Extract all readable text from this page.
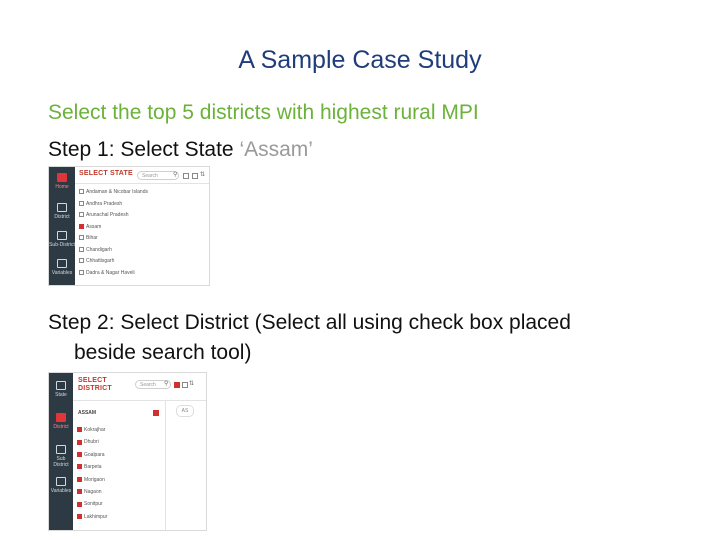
A Sample Case Study
Select the top 5 districts with highest rural MPI
Step 1: Select State ‘Assam’
Home
District
Sub-District
Variables
SELECT STATE	Search	⚲	⇅
Andaman & Nicobar Islands
Andhra Pradesh
Arunachal Pradesh
Assam
Bihar
Chandigarh
Chhattisgarh
Dadra & Nagar Haveli
Step 2: Select District (Select all using check box placed
beside search tool)
State
District
Sub District
Variables
SELECT
DISTRICT	Search	⚲	⇅
ASSAM	AS
Kokrajhar
Dhubri
Goalpara
Barpeta
Morigaon
Nagaon
Sonitpur
Lakhimpur
